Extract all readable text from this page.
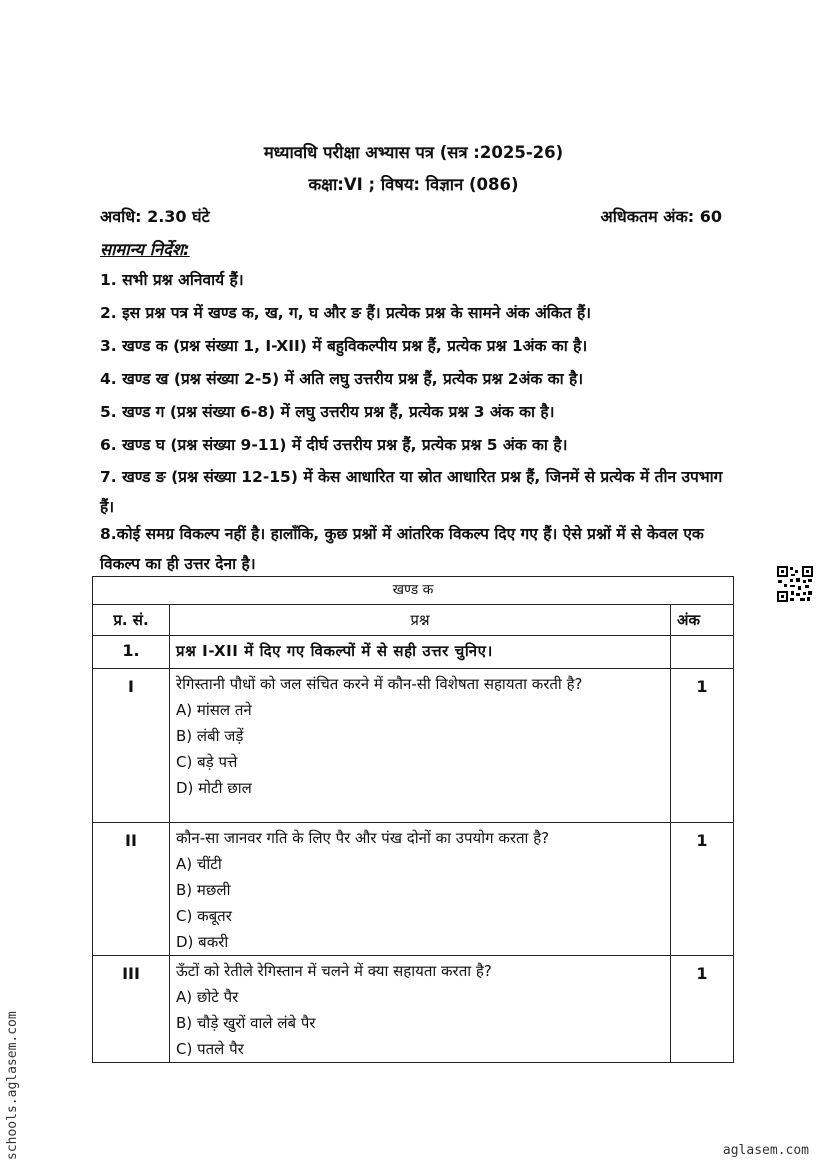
मध्यावधि परीक्षा अभ्यास पत्र (सत्र :2025-26)
कक्षा:VI ; विषय: विज्ञान (086)
अवधि: 2.30 घंटे	अधिकतम अंक: 60
सामान्य निर्देश:
1. सभी प्रश्न अनिवार्य हैं।
2. इस प्रश्न पत्र में खण्ड क, ख, ग, घ और ङ हैं। प्रत्येक प्रश्न के सामने अंक अंकित हैं।
3. खण्ड क (प्रश्न संख्या 1, I-XII) में बहुविकल्पीय प्रश्न हैं, प्रत्येक प्रश्न 1अंक का है।
4. खण्ड ख (प्रश्न संख्या 2-5) में अति लघु उत्तरीय प्रश्न हैं, प्रत्येक प्रश्न 2अंक का है।
5. खण्ड ग (प्रश्न संख्या 6-8) में लघु उत्तरीय प्रश्न हैं, प्रत्येक प्रश्न 3 अंक का है।
6. खण्ड घ (प्रश्न संख्या 9-11) में दीर्घ उत्तरीय प्रश्न हैं, प्रत्येक प्रश्न 5 अंक का है।
7. खण्ड ङ (प्रश्न संख्या 12-15) में केस आधारित या स्रोत आधारित प्रश्न हैं, जिनमें से प्रत्येक में तीन उपभाग हैं।
8.कोई समग्र विकल्प नहीं है। हालाँकि, कुछ प्रश्नों में आंतरिक विकल्प दिए गए हैं। ऐसे प्रश्नों में से केवल एक विकल्प का ही उत्तर देना है।
खण्ड क		
प्र. सं.	प्रश्न	अंक
1.	प्रश्न I-XII में दिए गए विकल्पों में से सही उत्तर चुनिए।	
I	रेगिस्तानी पौधों को जल संचित करने में कौन-सी विशेषता सहायता करती है?
A) मांसल तने
B) लंबी जड़ें
C) बड़े पत्ते
D) मोटी छाल	1
II	कौन-सा जानवर गति के लिए पैर और पंख दोनों का उपयोग करता है?
A) चींटी
B) मछली
C) कबूतर
D) बकरी	1
III	ऊँटों को रेतीले रेगिस्तान में चलने में क्या सहायता करता है?
A) छोटे पैर
B) चौड़े खुरों वाले लंबे पैर
C) पतले पैर	1
schools.aglasem.com	aglasem.com
